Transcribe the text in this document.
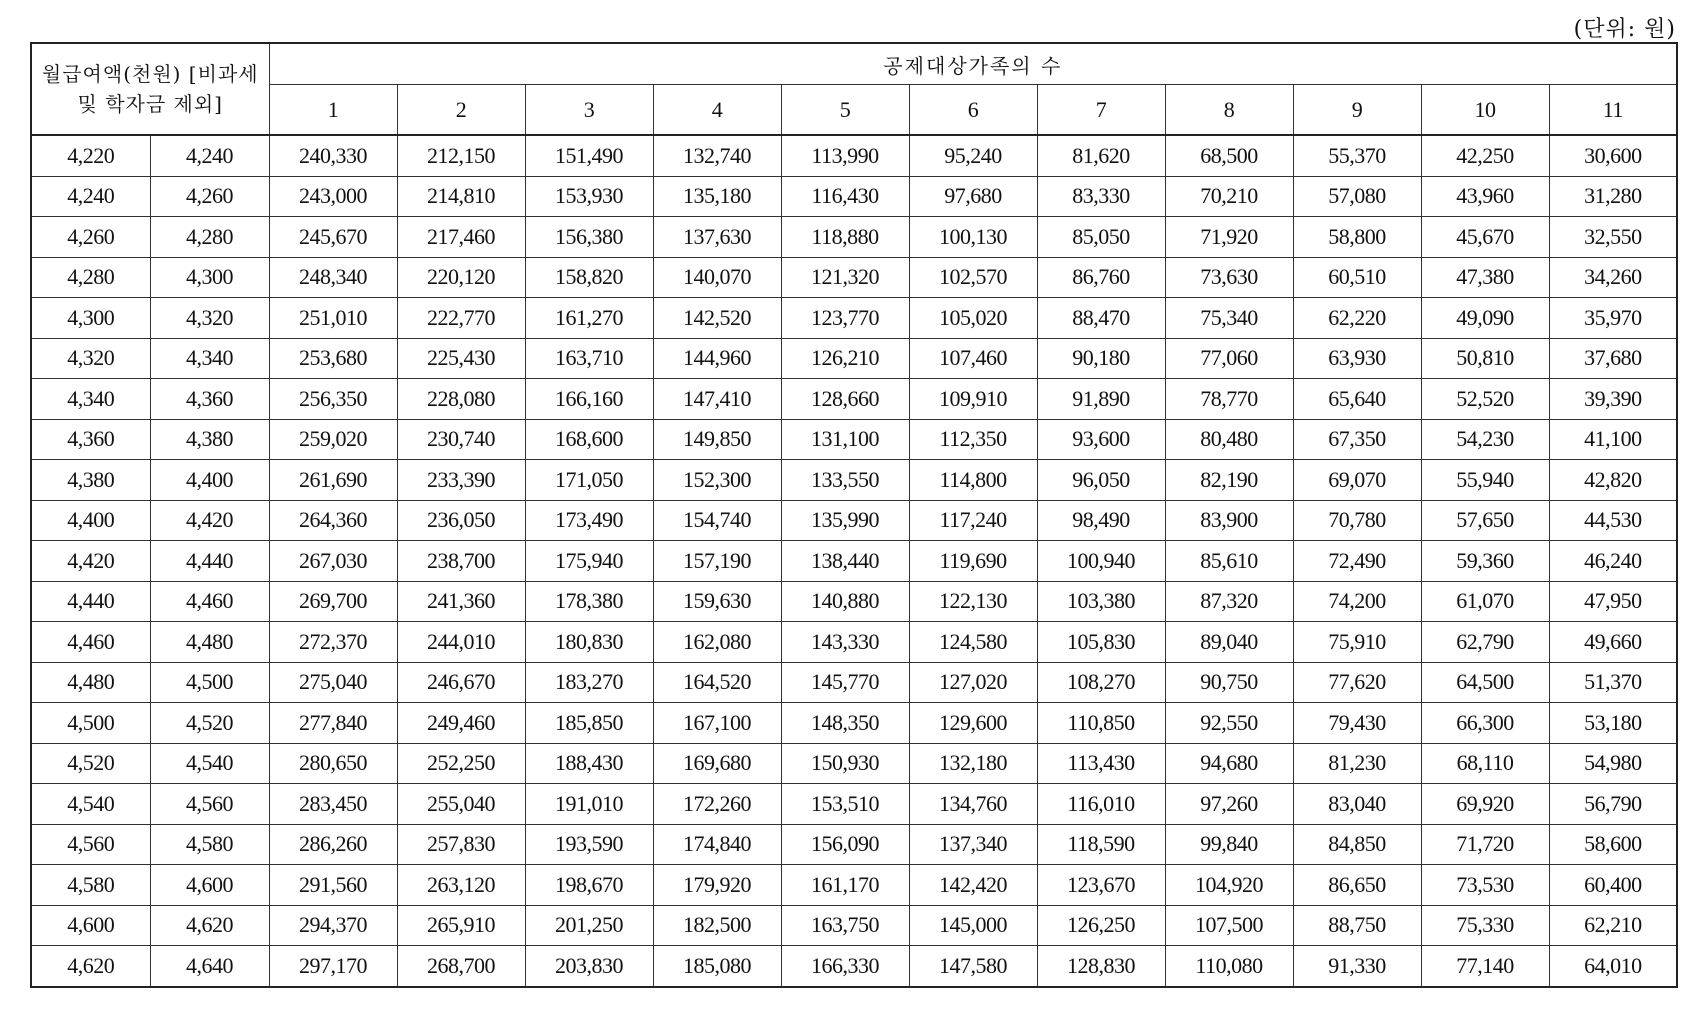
(단위: 원)
월급여액(천원) [비과세 및 학자금 제외]		공제대상가족의 수										
		1	2	3	4	5	6	7	8	9	10	11
4,220	4,240	240,330	212,150	151,490	132,740	113,990	95,240	81,620	68,500	55,370	42,250	30,600
4,240	4,260	243,000	214,810	153,930	135,180	116,430	97,680	83,330	70,210	57,080	43,960	31,280
4,260	4,280	245,670	217,460	156,380	137,630	118,880	100,130	85,050	71,920	58,800	45,670	32,550
4,280	4,300	248,340	220,120	158,820	140,070	121,320	102,570	86,760	73,630	60,510	47,380	34,260
4,300	4,320	251,010	222,770	161,270	142,520	123,770	105,020	88,470	75,340	62,220	49,090	35,970
4,320	4,340	253,680	225,430	163,710	144,960	126,210	107,460	90,180	77,060	63,930	50,810	37,680
4,340	4,360	256,350	228,080	166,160	147,410	128,660	109,910	91,890	78,770	65,640	52,520	39,390
4,360	4,380	259,020	230,740	168,600	149,850	131,100	112,350	93,600	80,480	67,350	54,230	41,100
4,380	4,400	261,690	233,390	171,050	152,300	133,550	114,800	96,050	82,190	69,070	55,940	42,820
4,400	4,420	264,360	236,050	173,490	154,740	135,990	117,240	98,490	83,900	70,780	57,650	44,530
4,420	4,440	267,030	238,700	175,940	157,190	138,440	119,690	100,940	85,610	72,490	59,360	46,240
4,440	4,460	269,700	241,360	178,380	159,630	140,880	122,130	103,380	87,320	74,200	61,070	47,950
4,460	4,480	272,370	244,010	180,830	162,080	143,330	124,580	105,830	89,040	75,910	62,790	49,660
4,480	4,500	275,040	246,670	183,270	164,520	145,770	127,020	108,270	90,750	77,620	64,500	51,370
4,500	4,520	277,840	249,460	185,850	167,100	148,350	129,600	110,850	92,550	79,430	66,300	53,180
4,520	4,540	280,650	252,250	188,430	169,680	150,930	132,180	113,430	94,680	81,230	68,110	54,980
4,540	4,560	283,450	255,040	191,010	172,260	153,510	134,760	116,010	97,260	83,040	69,920	56,790
4,560	4,580	286,260	257,830	193,590	174,840	156,090	137,340	118,590	99,840	84,850	71,720	58,600
4,580	4,600	291,560	263,120	198,670	179,920	161,170	142,420	123,670	104,920	86,650	73,530	60,400
4,600	4,620	294,370	265,910	201,250	182,500	163,750	145,000	126,250	107,500	88,750	75,330	62,210
4,620	4,640	297,170	268,700	203,830	185,080	166,330	147,580	128,830	110,080	91,330	77,140	64,010
